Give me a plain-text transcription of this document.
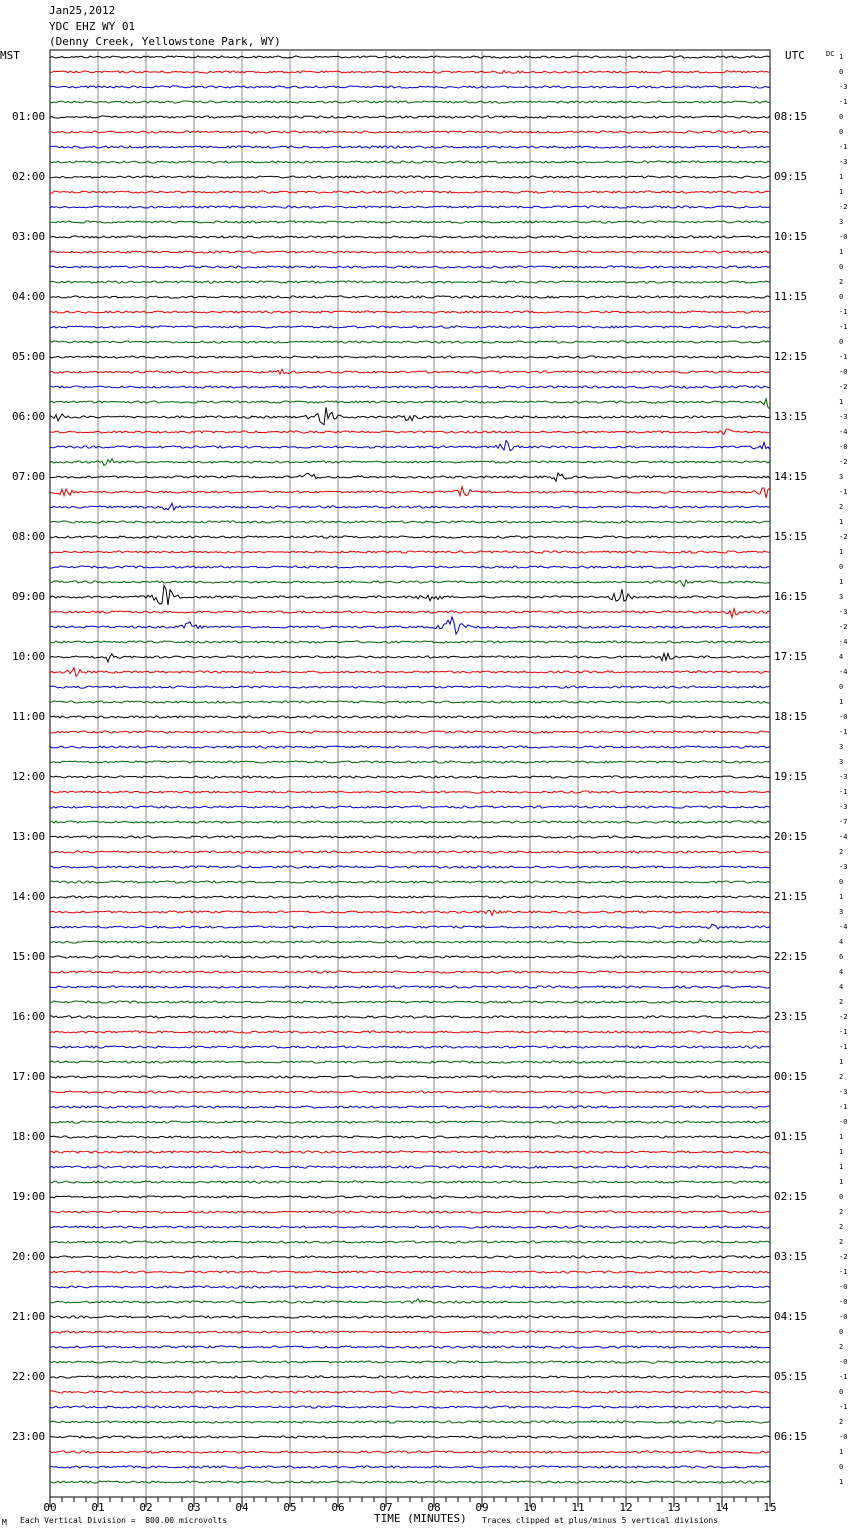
Jan25,2012
YDC EHZ WY 01
(Denny Creek, Yellowstone Park, WY)
MST	UTC	DC
00	01	02	03	04	05	06	07	08	09	10	11	12	13	14	15
01:00
02:00
03:00
04:00
05:00
06:00
07:00
08:00
09:00
10:00
11:00
12:00
13:00
14:00
15:00
16:00
17:00
18:00
19:00
20:00
21:00
22:00
23:00
08:15
09:15
10:15
11:15
12:15
13:15
14:15
15:15
16:15
17:15
18:15
19:15
20:15
21:15
22:15
23:15
00:15
01:15
02:15
03:15
04:15
05:15
06:15
1
0
-3
-1
0
0
-1
-3
1
1
-2
3
-0
1
0
2
0
-1
-1
0
-1
-0
-2
1
-3
-4
-8
-2
3
-1
2
1
-2
1
0
1
3
-3
-2
-4
4
-4
0
1
-0
-1
3
3
-3
-1
-3
-7
-4
2
-3
0
1
3
-4
4
6
4
4
2
-2
-1
-1
1
2
-3
-1
-0
1
1
1
1
0
2
2
2
-2
-1
-0
-0
-0
0
2
-0
-1
0
-1
2
-0
1
0
1
M Each Vertical Division =  800.00 microvolts	TIME (MINUTES) Traces clipped at plus/minus 5 vertical divisions
